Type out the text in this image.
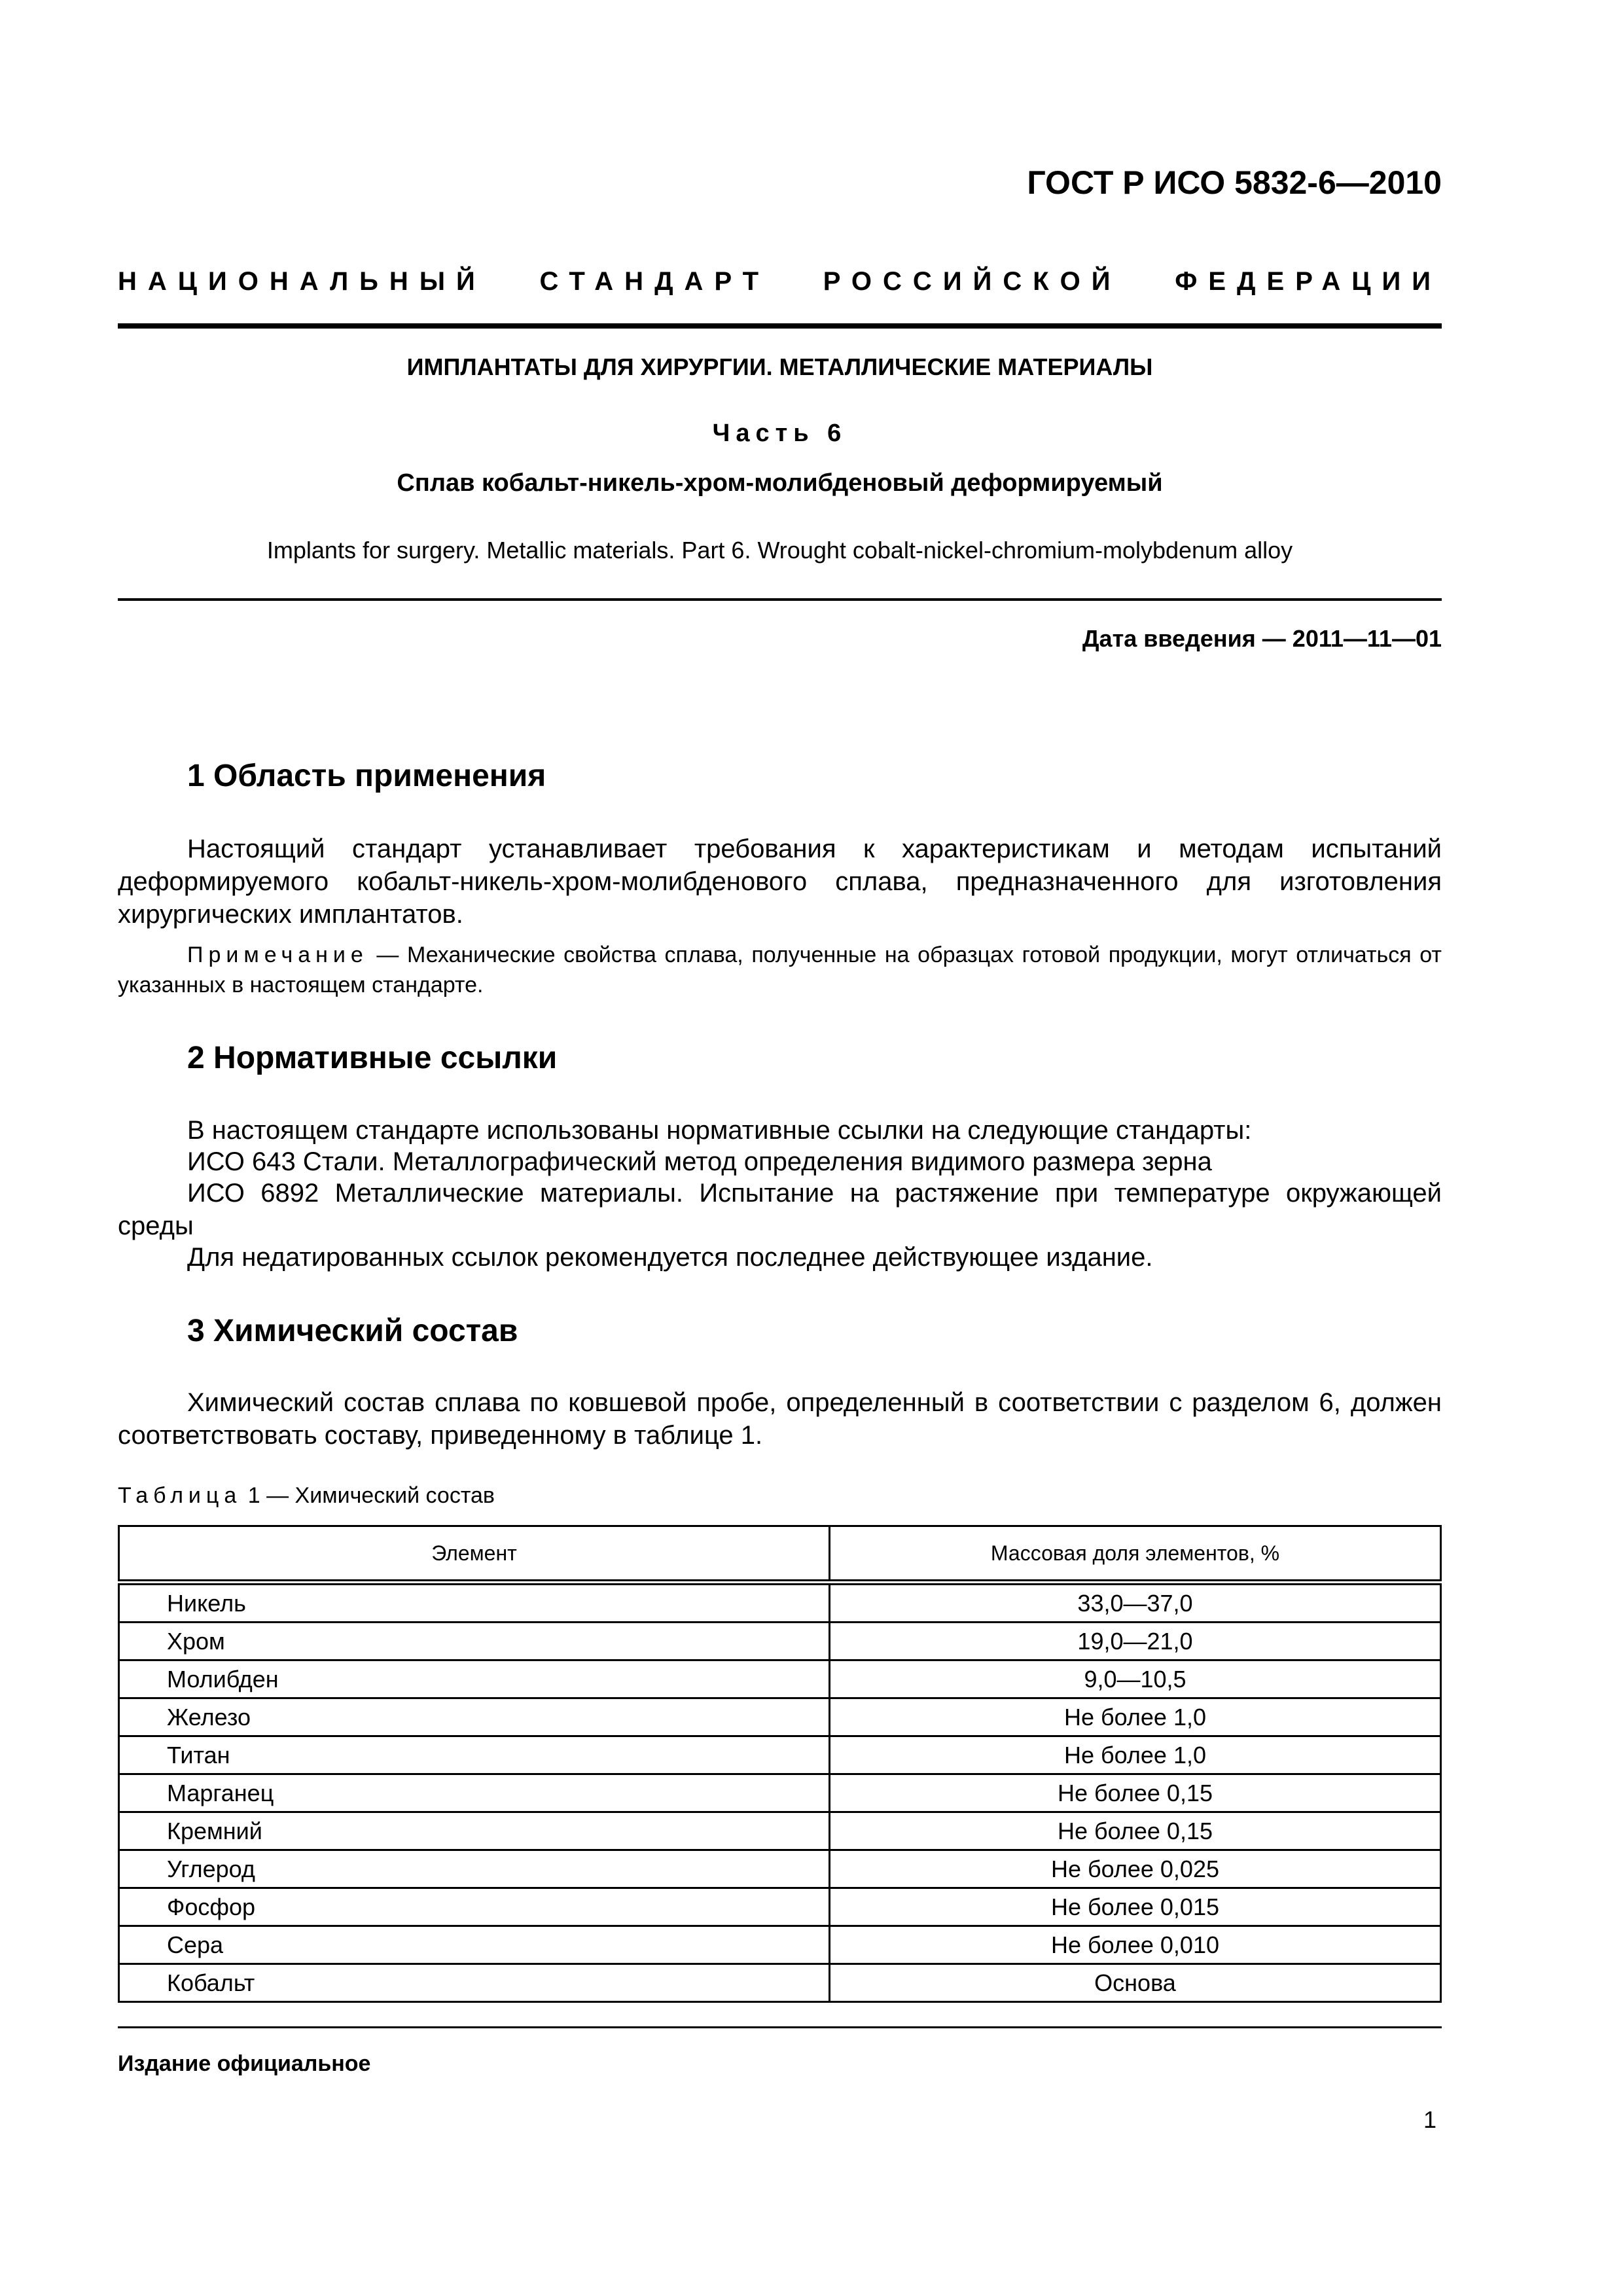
ГОСТ Р ИСО 5832-6—2010
НАЦИОНАЛЬНЫЙ СТАНДАРТ РОССИЙСКОЙ ФЕДЕРАЦИИ
ИМПЛАНТАТЫ ДЛЯ ХИРУРГИИ. МЕТАЛЛИЧЕСКИЕ МАТЕРИАЛЫ
Часть 6
Сплав кобальт-никель-хром-молибденовый деформируемый
Implants for surgery. Metallic materials. Part 6. Wrought cobalt-nickel-chromium-molybdenum alloy
Дата введения — 2011—11—01
1 Область применения
Настоящий стандарт устанавливает требования к характеристикам и методам испытаний деформируемого кобальт-никель-хром-молибденового сплава, предназначенного для изготовления хирургических имплантатов.
Примечание — Механические свойства сплава, полученные на образцах готовой продукции, могут отличаться от указанных в настоящем стандарте.
2 Нормативные ссылки
В настоящем стандарте использованы нормативные ссылки на следующие стандарты:
ИСО 643 Стали. Металлографический метод определения видимого размера зерна
ИСО 6892 Металлические материалы. Испытание на растяжение при температуре окружающей среды
Для недатированных ссылок рекомендуется последнее действующее издание.
3 Химический состав
Химический состав сплава по ковшевой пробе, определенный в соответствии с разделом 6, должен соответствовать составу, приведенному в таблице 1.
Таблица 1 — Химический состав
Элемент	Массовая доля элементов, %
Никель	33,0—37,0
Хром	19,0—21,0
Молибден	9,0—10,5
Железо	Не более 1,0
Титан	Не более 1,0
Марганец	Не более 0,15
Кремний	Не более 0,15
Углерод	Не более 0,025
Фосфор	Не более 0,015
Сера	Не более 0,010
Кобальт	Основа
Издание официальное
1
